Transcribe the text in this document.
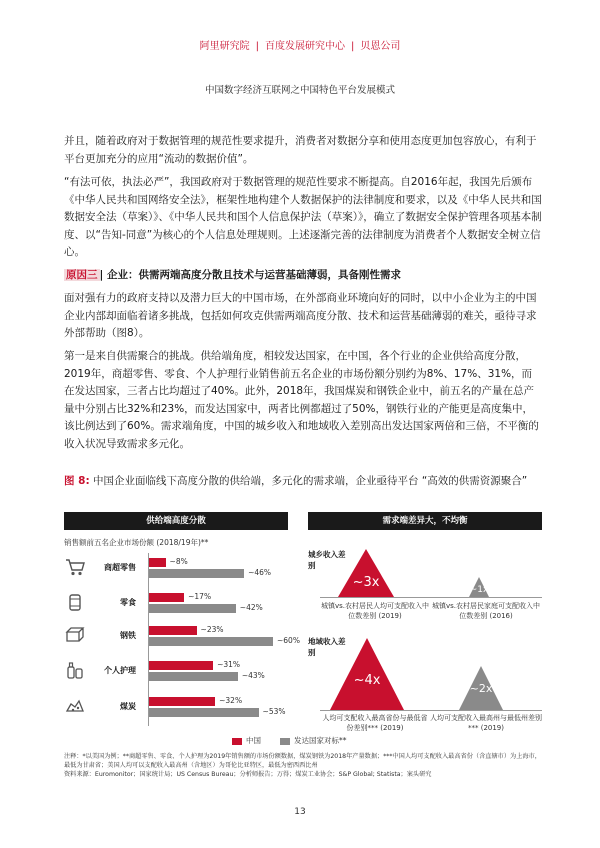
阿里研究院 | 百度发展研究中心 | 贝恩公司
中国数字经济互联网之中国特色平台发展模式
并且，随着政府对于数据管理的规范性要求提升，消费者对数据分享和使用态度更加包容放心，有利于平台更加充分的应用“流动的数据价值”。
“有法可依，执法必严”，我国政府对于数据管理的规范性要求不断提高。自2016年起，我国先后颁布《中华人民共和国网络安全法》，框架性地构建个人数据保护的法律制度和要求，以及《中华人民共和国数据安全法（草案）》、《中华人民共和国个人信息保护法（草案）》，确立了数据安全保护管理各项基本制度、以“告知-同意”为核心的个人信息处理规则。上述逐渐完善的法律制度为消费者个人数据安全树立信心。
原因三 | 企业：供需两端高度分散且技术与运营基础薄弱，具备刚性需求
面对强有力的政府支持以及潜力巨大的中国市场，在外部商业环境向好的同时，以中小企业为主的中国企业内部却面临着诸多挑战，包括如何攻克供需两端高度分散、技术和运营基础薄弱的难关，亟待寻求外部帮助（图8）。
第一是来自供需聚合的挑战。供给端角度，相较发达国家，在中国，各个行业的企业供给高度分散，2019年，商超零售、零食、个人护理行业销售前五名企业的市场份额分别约为8%、17%、31%，而在发达国家，三者占比均超过了40%。此外，2018年，我国煤炭和钢铁企业中，前五名的产量在总产量中分别占比32%和23%，而发达国家中，两者比例都超过了50%，钢铁行业的产能更是高度集中，该比例达到了60%。需求端角度，中国的城乡收入和地域收入差别高出发达国家两倍和三倍，不平衡的收入状况导致需求多元化。
图 8: 中国企业面临线下高度分散的供给端，多元化的需求端，企业亟待平台 “高效的供需资源聚合”
供给端高度分散
销售额前五名企业市场份额 (2018/19年)**
商超零售
零食
钢铁
个人护理
煤炭
~8%
~46%
~17%
~42%
~23%
~60%
~31%
~43%
~32%
~53%
中国	发达国家对标**
需求端差异大，不均衡
城乡收入差别
地域收入差别
~3x	~1x
城镇vs.农村居民人均可支配收入中位数差别 (2019)
城镇vs.农村居民家庭可支配收入中位数差别 (2016)
~4x
~2x
人均可支配收入最高省份与最低省份差别*** (2019)
人均可支配收入最高州与最低州差别*** (2019)
注释：*以美国为例；**商超零售、零食、个人护理为2019年销售额的市场份额数据，煤炭钢铁为2018年产量数据；***中国人均可支配收入最高省份（含直辖市）为上海市，最低为甘肃省；美国人均可以支配收入最高州（含地区）为哥伦比亚特区，最低为密西西比州
资料来源：Euromonitor；国家统计局；US Census Bureau；分析师报告；万得；煤炭工业协会；S&P Global; Statista；案头研究
13
